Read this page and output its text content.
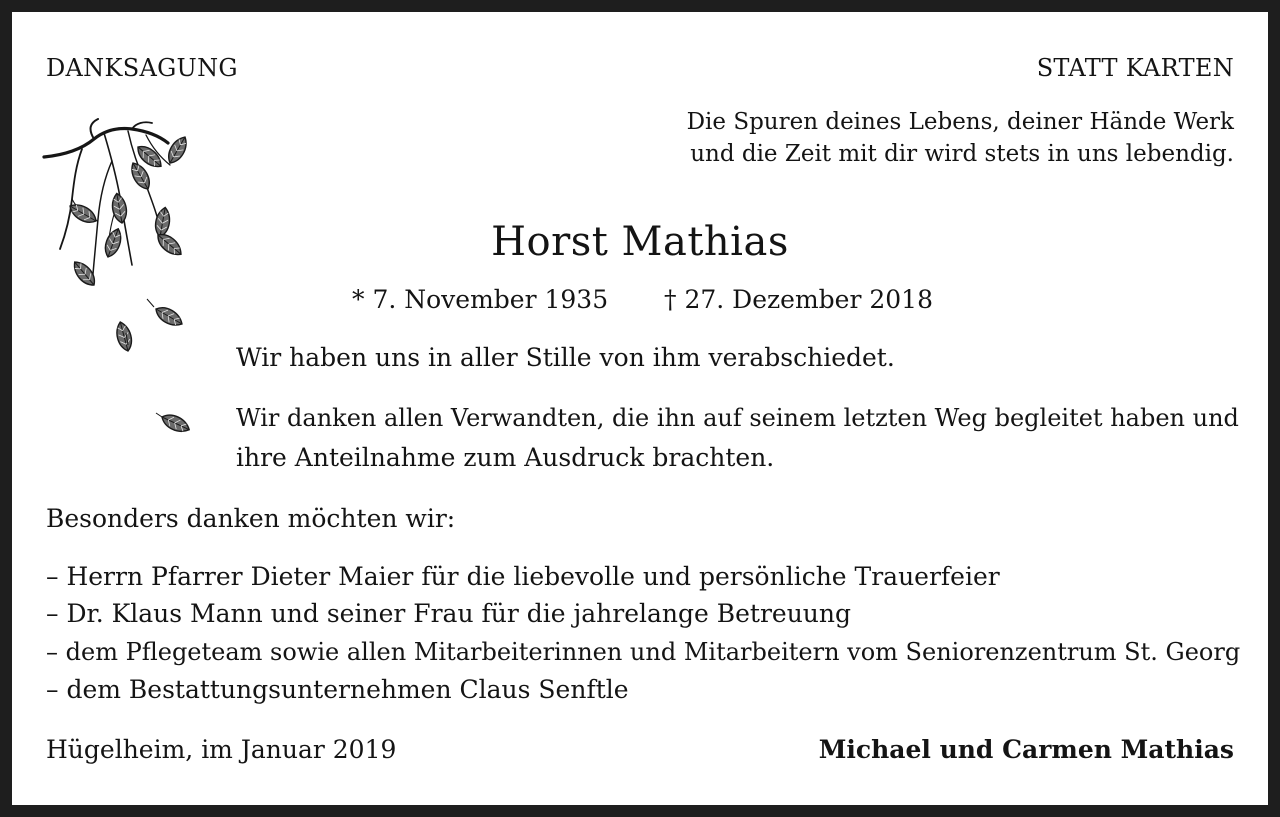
DANKSAGUNG	STATT KARTEN
Die Spuren deines Lebens, deiner Hände Werk
und die Zeit mit dir wird stets in uns lebendig.
Horst Mathias
* 7. November 1935 † 27. Dezember 2018
Wir haben uns in aller Stille von ihm verabschiedet.
Wir danken allen Verwandten, die ihn auf seinem letzten Weg begleitet haben und
ihre Anteilnahme zum Ausdruck brachten.
Besonders danken möchten wir:
– Herrn Pfarrer Dieter Maier für die liebevolle und persönliche Trauerfeier
– Dr. Klaus Mann und seiner Frau für die jahrelange Betreuung
– dem Pflegeteam sowie allen Mitarbeiterinnen und Mitarbeitern vom Seniorenzentrum St. Georg
– dem Bestattungsunternehmen Claus Senftle
Hügelheim, im Januar 2019	Michael und Carmen Mathias
